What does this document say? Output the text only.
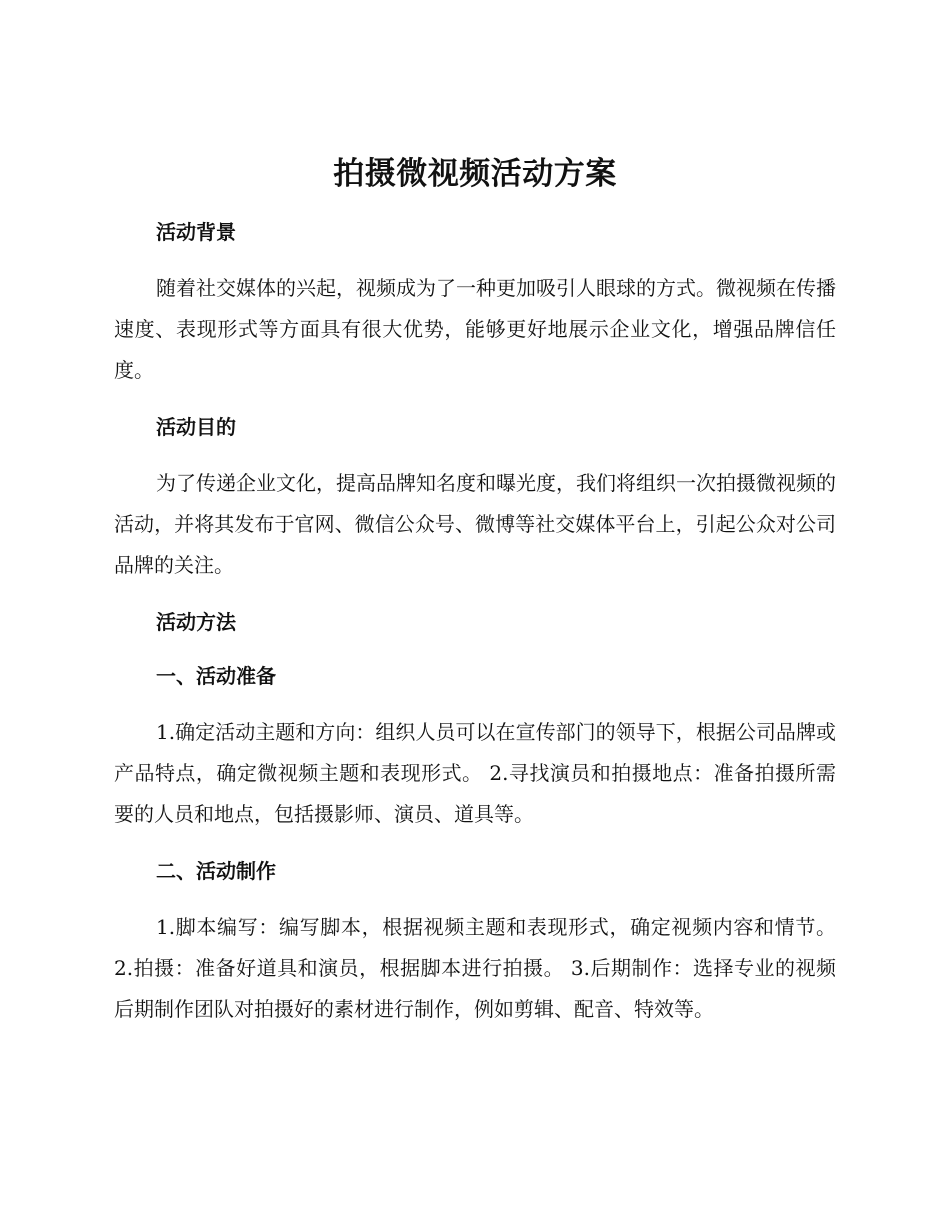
拍摄微视频活动方案
活动背景

随着社交媒体的兴起，视频成为了一种更加吸引人眼球的方式。微视频在传播速度、表现形式等方面具有很大优势，能够更好地展示企业文化，增强品牌信任度。

活动目的

为了传递企业文化，提高品牌知名度和曝光度，我们将组织一次拍摄微视频的活动，并将其发布于官网、微信公众号、微博等社交媒体平台上，引起公众对公司品牌的关注。

活动方法
一、活动准备

1.确定活动主题和方向：组织人员可以在宣传部门的领导下，根据公司品牌或产品特点，确定微视频主题和表现形式。 2.寻找演员和拍摄地点：准备拍摄所需要的人员和地点，包括摄影师、演员、道具等。

二、活动制作

1.脚本编写：编写脚本，根据视频主题和表现形式，确定视频内容和情节。 2.拍摄：准备好道具和演员，根据脚本进行拍摄。 3.后期制作：选择专业的视频后期制作团队对拍摄好的素材进行制作，例如剪辑、配音、特效等。
